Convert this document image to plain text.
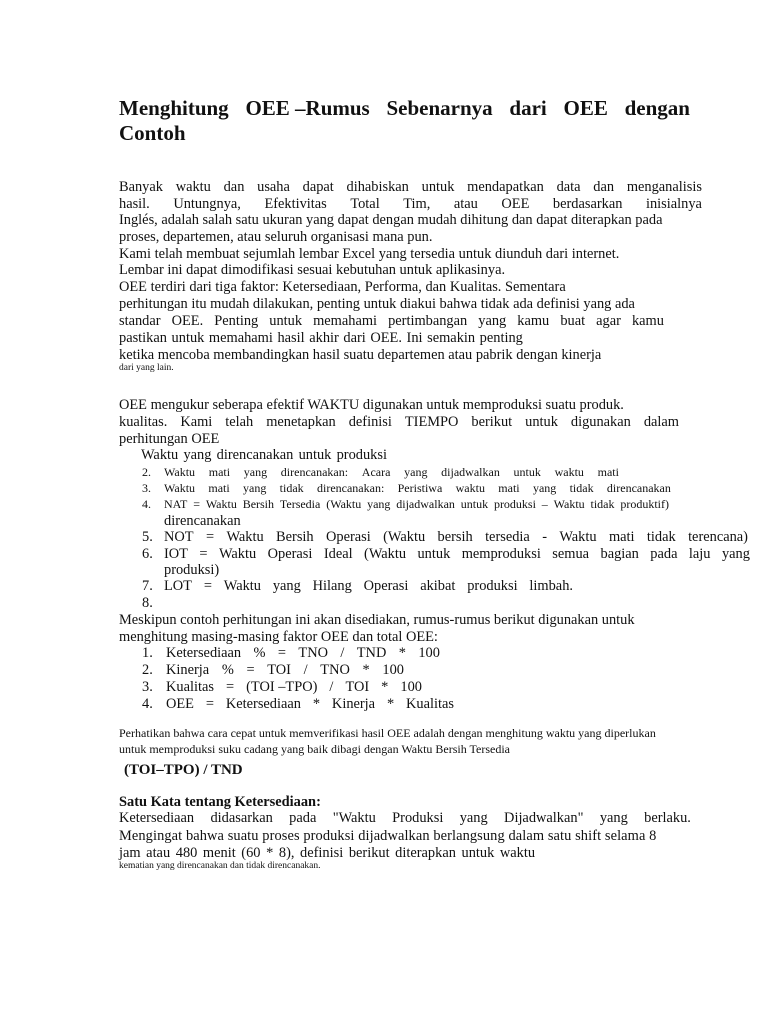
Menghitung OEE –Rumus Sebenarnya dari OEE dengan
Contoh
Banyak waktu dan usaha dapat dihabiskan untuk mendapatkan data dan menganalisis
hasil. Untungnya, Efektivitas Total Tim, atau OEE berdasarkan inisialnya
Inglés, adalah salah satu ukuran yang dapat dengan mudah dihitung dan dapat diterapkan pada
proses, departemen, atau seluruh organisasi mana pun.
Kami telah membuat sejumlah lembar Excel yang tersedia untuk diunduh dari internet.
Lembar ini dapat dimodifikasi sesuai kebutuhan untuk aplikasinya.
OEE terdiri dari tiga faktor: Ketersediaan, Performa, dan Kualitas. Sementara
perhitungan itu mudah dilakukan, penting untuk diakui bahwa tidak ada definisi yang ada
standar OEE. Penting untuk memahami pertimbangan yang kamu buat agar kamu
pastikan untuk memahami hasil akhir dari OEE. Ini semakin penting
ketika mencoba membandingkan hasil suatu departemen atau pabrik dengan kinerja
dari yang lain.
OEE mengukur seberapa efektif WAKTU digunakan untuk memproduksi suatu produk.
kualitas. Kami telah menetapkan definisi TIEMPO berikut untuk digunakan dalam
perhitungan OEE
Waktu yang direncanakan untuk produksi
2. Waktu mati yang direncanakan: Acara yang dijadwalkan untuk waktu mati
3. Waktu mati yang tidak direncanakan: Peristiwa waktu mati yang tidak direncanakan
4. NAT = Waktu Bersih Tersedia (Waktu yang dijadwalkan untuk produksi – Waktu tidak produktif)
direncanakan
5. NOT = Waktu Bersih Operasi (Waktu bersih tersedia - Waktu mati tidak terencana)
6. IOT = Waktu Operasi Ideal (Waktu untuk memproduksi semua bagian pada laju yang
produksi)
7. LOT = Waktu yang Hilang Operasi akibat produksi limbah.
8.
Meskipun contoh perhitungan ini akan disediakan, rumus-rumus berikut digunakan untuk
menghitung masing-masing faktor OEE dan total OEE:
1. Ketersediaan % = TNO / TND * 100
2. Kinerja % = TOI / TNO * 100
3. Kualitas = (TOI –TPO) / TOI * 100
4. OEE = Ketersediaan * Kinerja * Kualitas
Perhatikan bahwa cara cepat untuk memverifikasi hasil OEE adalah dengan menghitung waktu yang diperlukan
untuk memproduksi suku cadang yang baik dibagi dengan Waktu Bersih Tersedia
(TOI–TPO) / TND
Satu Kata tentang Ketersediaan:
Ketersediaan didasarkan pada "Waktu Produksi yang Dijadwalkan" yang berlaku.
Mengingat bahwa suatu proses produksi dijadwalkan berlangsung dalam satu shift selama 8
jam atau 480 menit (60 * 8), definisi berikut diterapkan untuk waktu
kematian yang direncanakan dan tidak direncanakan.
